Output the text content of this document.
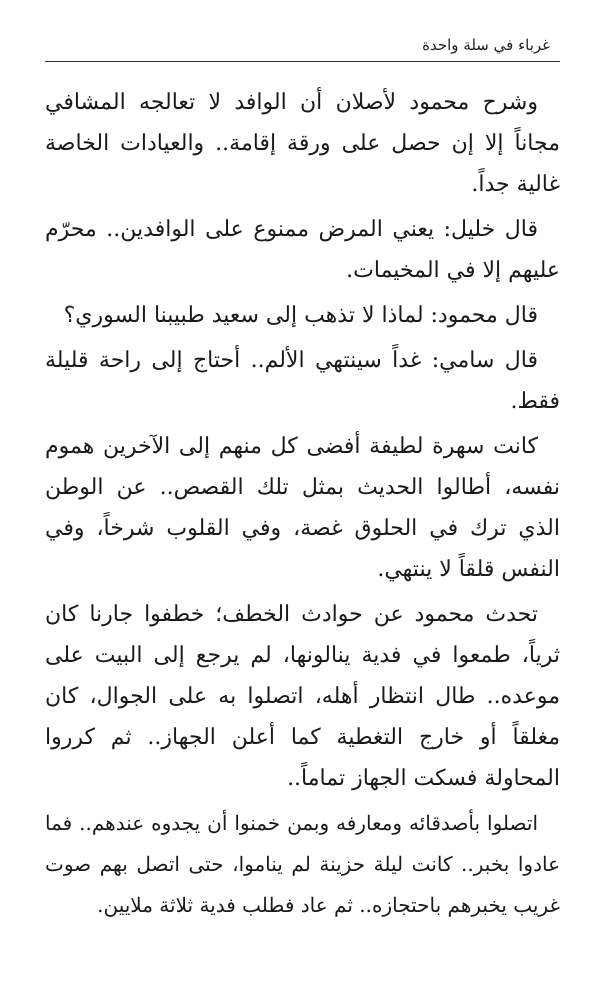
غرباء في سلة واحدة

وشرح محمود لأصلان أن الوافد لا تعالجه المشافي مجاناً إلا إن حصل على ورقة إقامة.. والعيادات الخاصة غالية جداً.

قال خليل: يعني المرض ممنوع على الوافدين.. محرّم عليهم إلا في المخيمات.

قال محمود: لماذا لا تذهب إلى سعيد طبيبنا السوري؟

قال سامي: غداً سينتهي الألم.. أحتاج إلى راحة قليلة فقط.

كانت سهرة لطيفة أفضى كل منهم إلى الآخرين هموم نفسه، أطالوا الحديث بمثل تلك القصص.. عن الوطن الذي ترك في الحلوق غصة، وفي القلوب شرخاً، وفي النفس قلقاً لا ينتهي.

تحدث محمود عن حوادث الخطف؛ خطفوا جارنا كان ثرياً، طمعوا في فدية ينالونها، لم يرجع إلى البيت على موعده.. طال انتظار أهله، اتصلوا به على الجوال، كان مغلقاً أو خارج التغطية كما أعلن الجهاز.. ثم كرروا المحاولة فسكت الجهاز تماماً..

اتصلوا بأصدقائه ومعارفه وبمن خمنوا أن يجدوه عندهم.. فما عادوا بخبر.. كانت ليلة حزينة لم يناموا، حتى اتصل بهم صوت غريب يخبرهم باحتجازه.. ثم عاد فطلب فدية ثلاثة ملايين.
